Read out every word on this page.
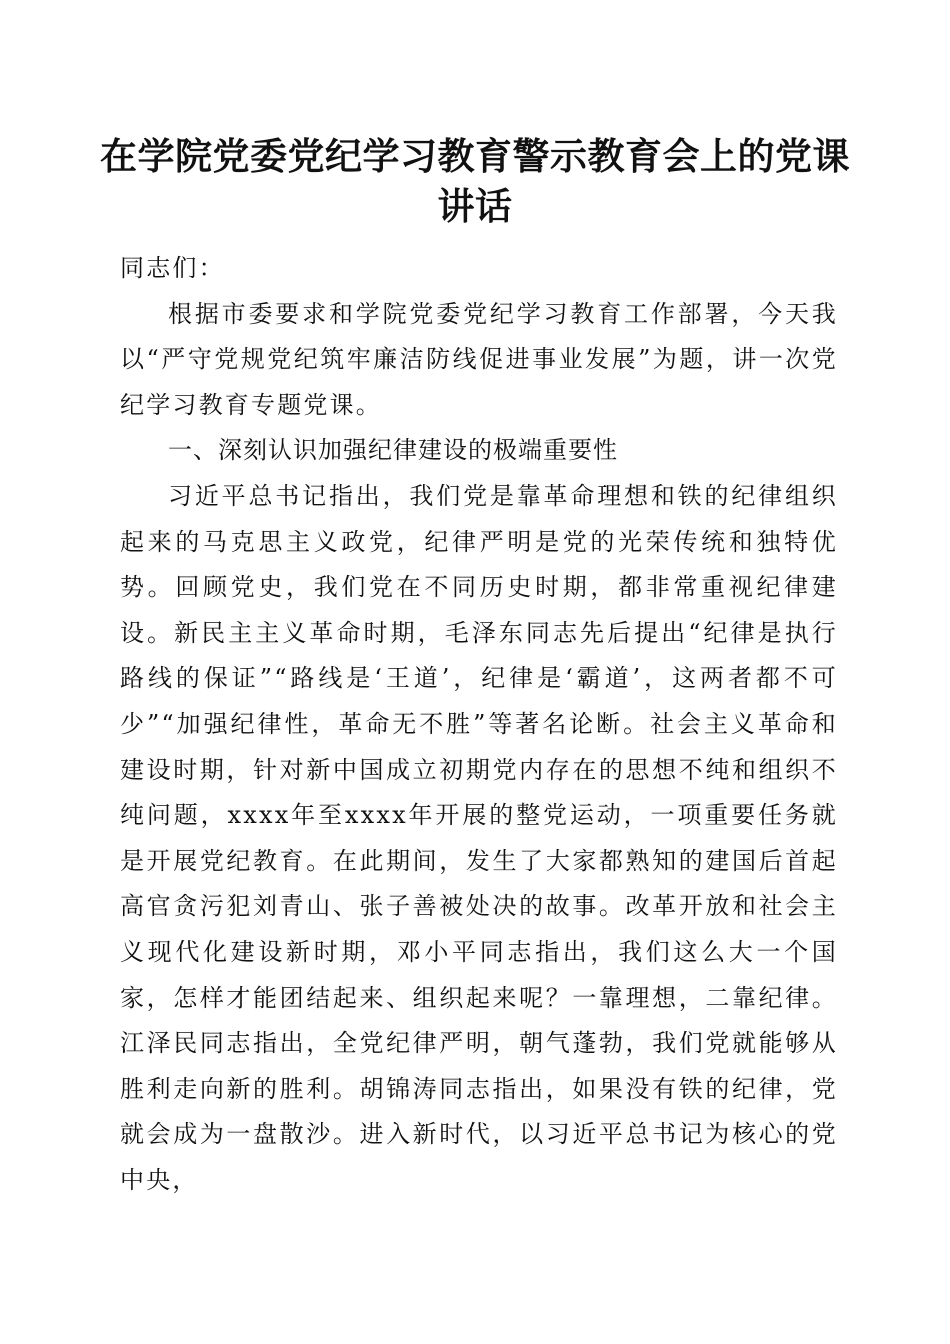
在学院党委党纪学习教育警示教育会上的党课
讲话

同志们：

根据市委要求和学院党委党纪学习教育工作部署，今天我以“严守党规党纪筑牢廉洁防线促进事业发展”为题，讲一次党纪学习教育专题党课。

一、深刻认识加强纪律建设的极端重要性

习近平总书记指出，我们党是靠革命理想和铁的纪律组织起来的马克思主义政党，纪律严明是党的光荣传统和独特优势。回顾党史，我们党在不同历史时期，都非常重视纪律建设。新民主主义革命时期，毛泽东同志先后提出“纪律是执行路线的保证”“路线是‘王道’，纪律是‘霸道’，这两者都不可少”“加强纪律性，革命无不胜”等著名论断。社会主义革命和建设时期，针对新中国成立初期党内存在的思想不纯和组织不纯问题，xxxx年至xxxx年开展的整党运动，一项重要任务就是开展党纪教育。在此期间，发生了大家都熟知的建国后首起高官贪污犯刘青山、张子善被处决的故事。改革开放和社会主义现代化建设新时期，邓小平同志指出，我们这么大一个国家，怎样才能团结起来、组织起来呢？一靠理想，二靠纪律。江泽民同志指出，全党纪律严明，朝气蓬勃，我们党就能够从胜利走向新的胜利。胡锦涛同志指出，如果没有铁的纪律，党就会成为一盘散沙。进入新时代，以习近平总书记为核心的党中央，
